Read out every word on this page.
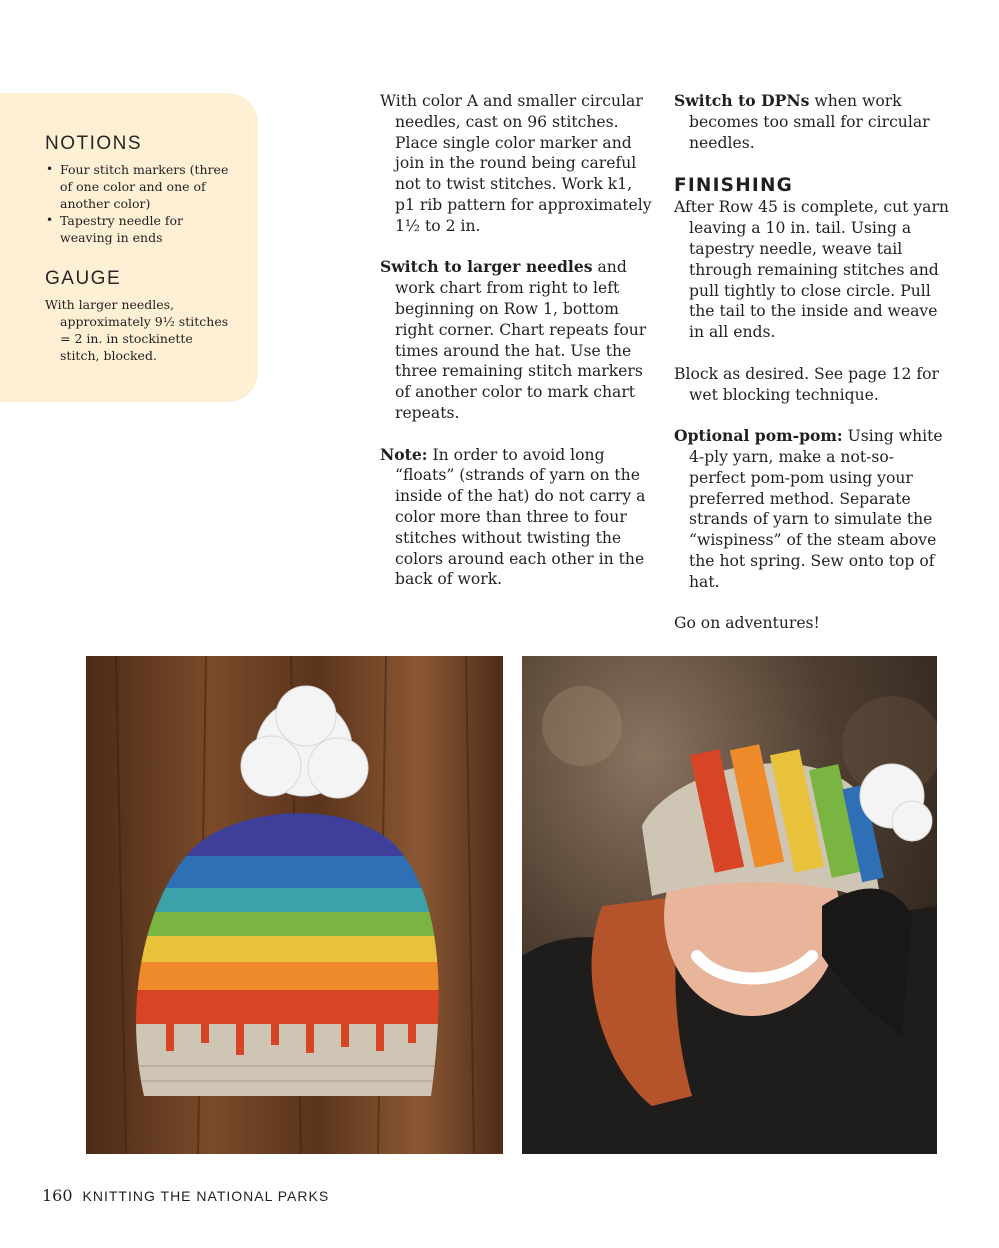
NOTIONS
• Four stitch markers (three of one color and one of another color)
• Tapestry needle for weaving in ends
GAUGE

With larger needles, approximately 9½ stitches = 2 in. in stockinette stitch, blocked.

With color A and smaller circular needles, cast on 96 stitches. Place single color marker and join in the round being careful not to twist stitches. Work k1, p1 rib pattern for approximately 1½ to 2 in.

Switch to larger needles and work chart from right to left beginning on Row 1, bottom right corner. Chart repeats four times around the hat. Use the three remaining stitch markers of another color to mark chart repeats.

Note: In order to avoid long “floats” (strands of yarn on the inside of the hat) do not carry a color more than three to four stitches without twisting the colors around each other in the back of work.

Switch to DPNs when work becomes too small for circular needles.

FINISHING

After Row 45 is complete, cut yarn leaving a 10 in. tail. Using a tapestry needle, weave tail through remaining stitches and pull tightly to close circle. Pull the tail to the inside and weave in all ends.

Block as desired. See page 12 for wet blocking technique.

Optional pom-pom: Using white 4-ply yarn, make a not-so-perfect pom-pom using your preferred method. Separate strands of yarn to simulate the “wispiness” of the steam above the hot spring. Sew onto top of hat.

Go on adventures!

160 KNITTING THE NATIONAL PARKS
